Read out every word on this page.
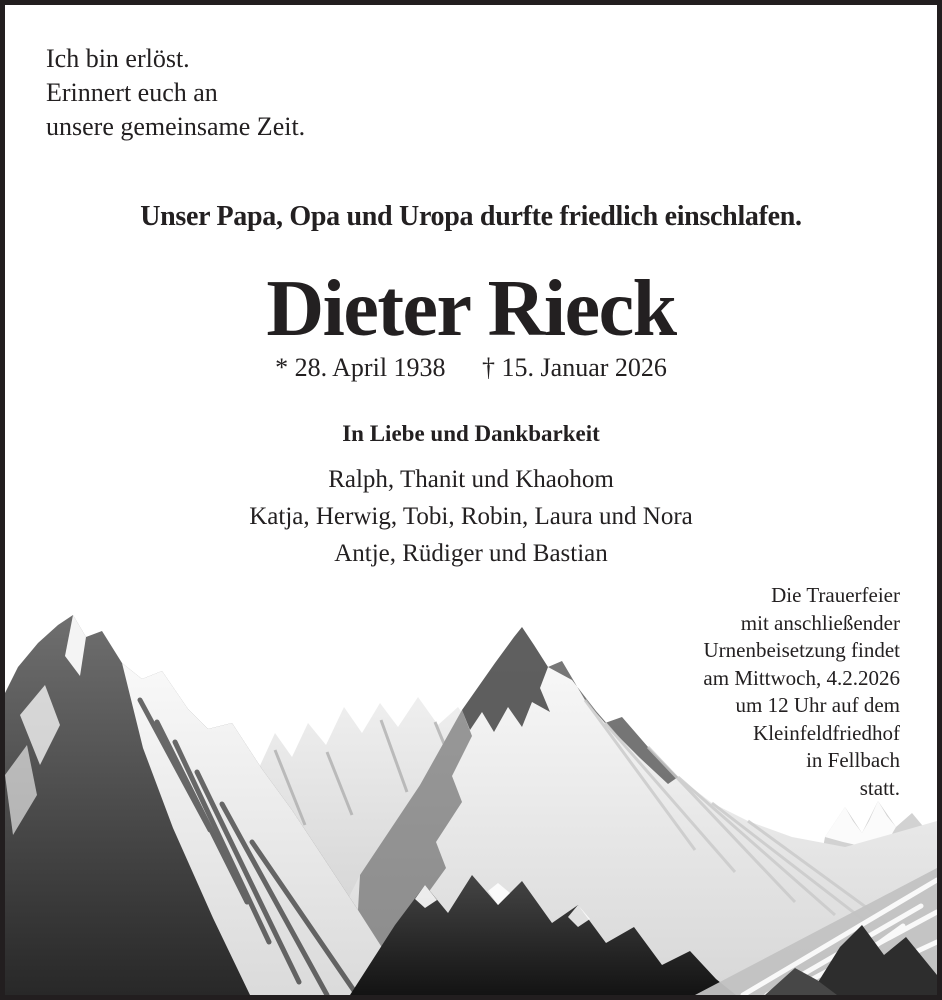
Ich bin erlöst.
Erinnert euch an
unsere gemeinsame Zeit.
Unser Papa, Opa und Uropa durfte friedlich einschlafen.
Dieter Rieck
* 28. April 1938 † 15. Januar 2026
In Liebe und Dankbarkeit
Ralph, Thanit und Khaohom
Katja, Herwig, Tobi, Robin, Laura und Nora
Antje, Rüdiger und Bastian
Die Trauerfeier
mit anschließender
Urnenbeisetzung findet
am Mittwoch, 4.2.2026
um 12 Uhr auf dem
Kleinfeldfriedhof
in Fellbach
statt.
